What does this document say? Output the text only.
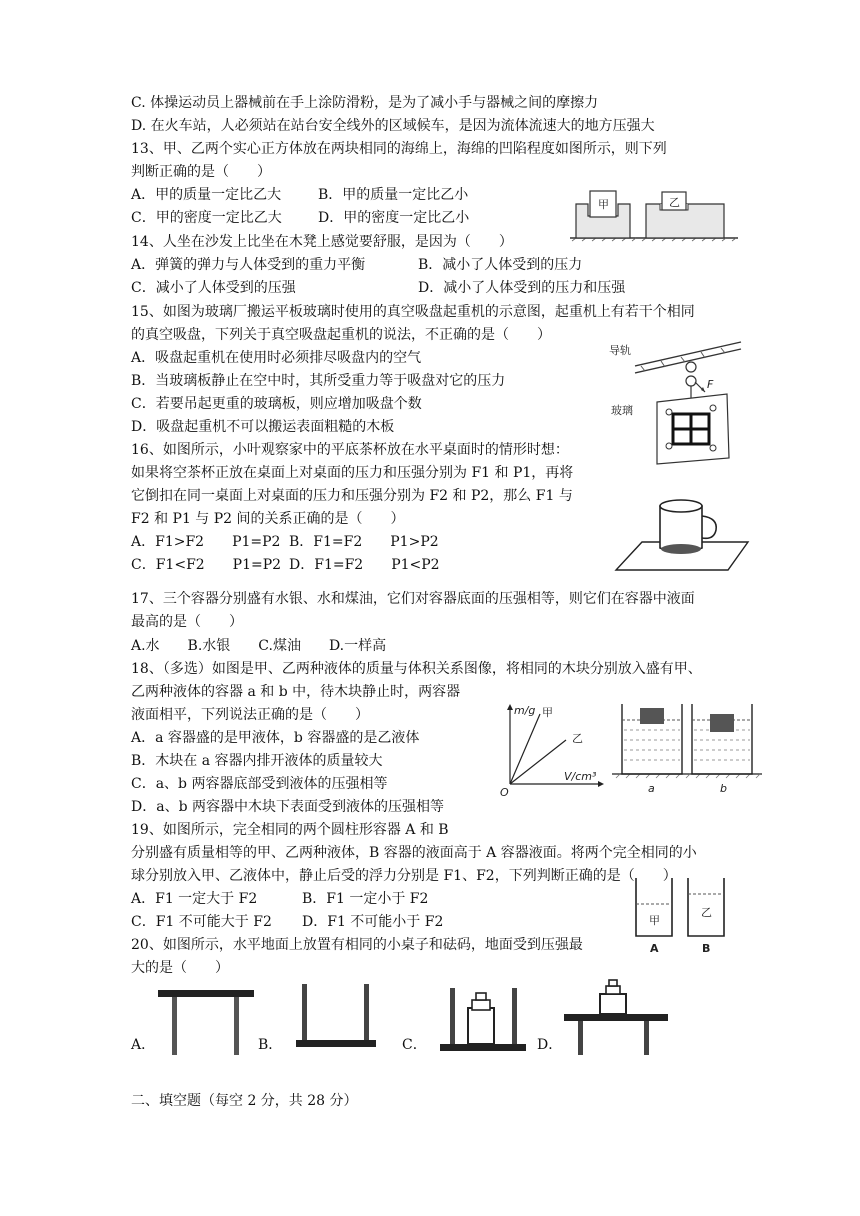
C. 体操运动员上器械前在手上涂防滑粉，是为了减小手与器械之间的摩擦力
D. 在火车站，人必须站在站台安全线外的区域候车，是因为流体流速大的地方压强大
13、甲、乙两个实心正方体放在两块相同的海绵上，海绵的凹陷程度如图所示，则下列
判断正确的是（　　）
14、人坐在沙发上比坐在木凳上感觉要舒服，是因为（　　）
15、如图为玻璃厂搬运平板玻璃时使用的真空吸盘起重机的示意图，起重机上有若干个相同
的真空吸盘，下列关于真空吸盘起重机的说法，不正确的是（　　）
A．吸盘起重机在使用时必须排尽吸盘内的空气
B．当玻璃板静止在空中时，其所受重力等于吸盘对它的压力
C．若要吊起更重的玻璃板，则应增加吸盘个数
D．吸盘起重机不可以搬运表面粗糙的木板
16、如图所示，小叶观察家中的平底茶杯放在水平桌面时的情形时想：
如果将空茶杯正放在桌面上对桌面的压力和压强分别为 F1 和 P1，再将
它倒扣在同一桌面上对桌面的压力和压强分别为 F2 和 P2，那么 F1 与
F2 和 P1 与 P2 间的关系正确的是（　　）
17、三个容器分别盛有水银、水和煤油，它们对容器底面的压强相等，则它们在容器中液面
最高的是（　　）
A.水　　B.水银　　C.煤油　　D.一样高
18、（多选）如图是甲、乙两种液体的质量与体积关系图像，将相同的木块分别放入盛有甲、
乙两种液体的容器 a 和 b 中，待木块静止时，两容器
液面相平，下列说法正确的是（　　）
A．a 容器盛的是甲液体，b 容器盛的是乙液体
B．木块在 a 容器内排开液体的质量较大
C．a、b 两容器底部受到液体的压强相等
D．a、b 两容器中木块下表面受到液体的压强相等
19、如图所示，完全相同的两个圆柱形容器 A 和 B
分别盛有质量相等的甲、乙两种液体，B 容器的液面高于 A 容器液面。将两个完全相同的小
球分别放入甲、乙液体中，静止后受的浮力分别是 F1、F2，下列判断正确的是（　　）
20、如图所示，水平地面上放置有相同的小桌子和砝码，地面受到压强最
大的是（　　）
二、填空题（每空 2 分，共 28 分）
A．甲的质量一定比乙大	B．甲的质量一定比乙小
C．甲的密度一定比乙大	D．甲的密度一定比乙小
A．弹簧的弹力与人体受到的重力平衡	B．减小了人体受到的压力
C．减小了人体受到的压强	D．减小了人体受到的压力和压强
A．F1>F2　　P1=P2 B．F1=F2　　P1>P2
C．F1<F2　　P1=P2 D．F1=F2　　P1<P2
A．F1 一定大于 F2	B．F1 一定小于 F2
C．F1 不可能大于 F2 D．F1 不可能小于 F2
A．	B．	C．	D．
甲	乙
导轨
F
玻璃
m/g
V/cm³
O
甲
乙
a	b
甲
A
乙
B
